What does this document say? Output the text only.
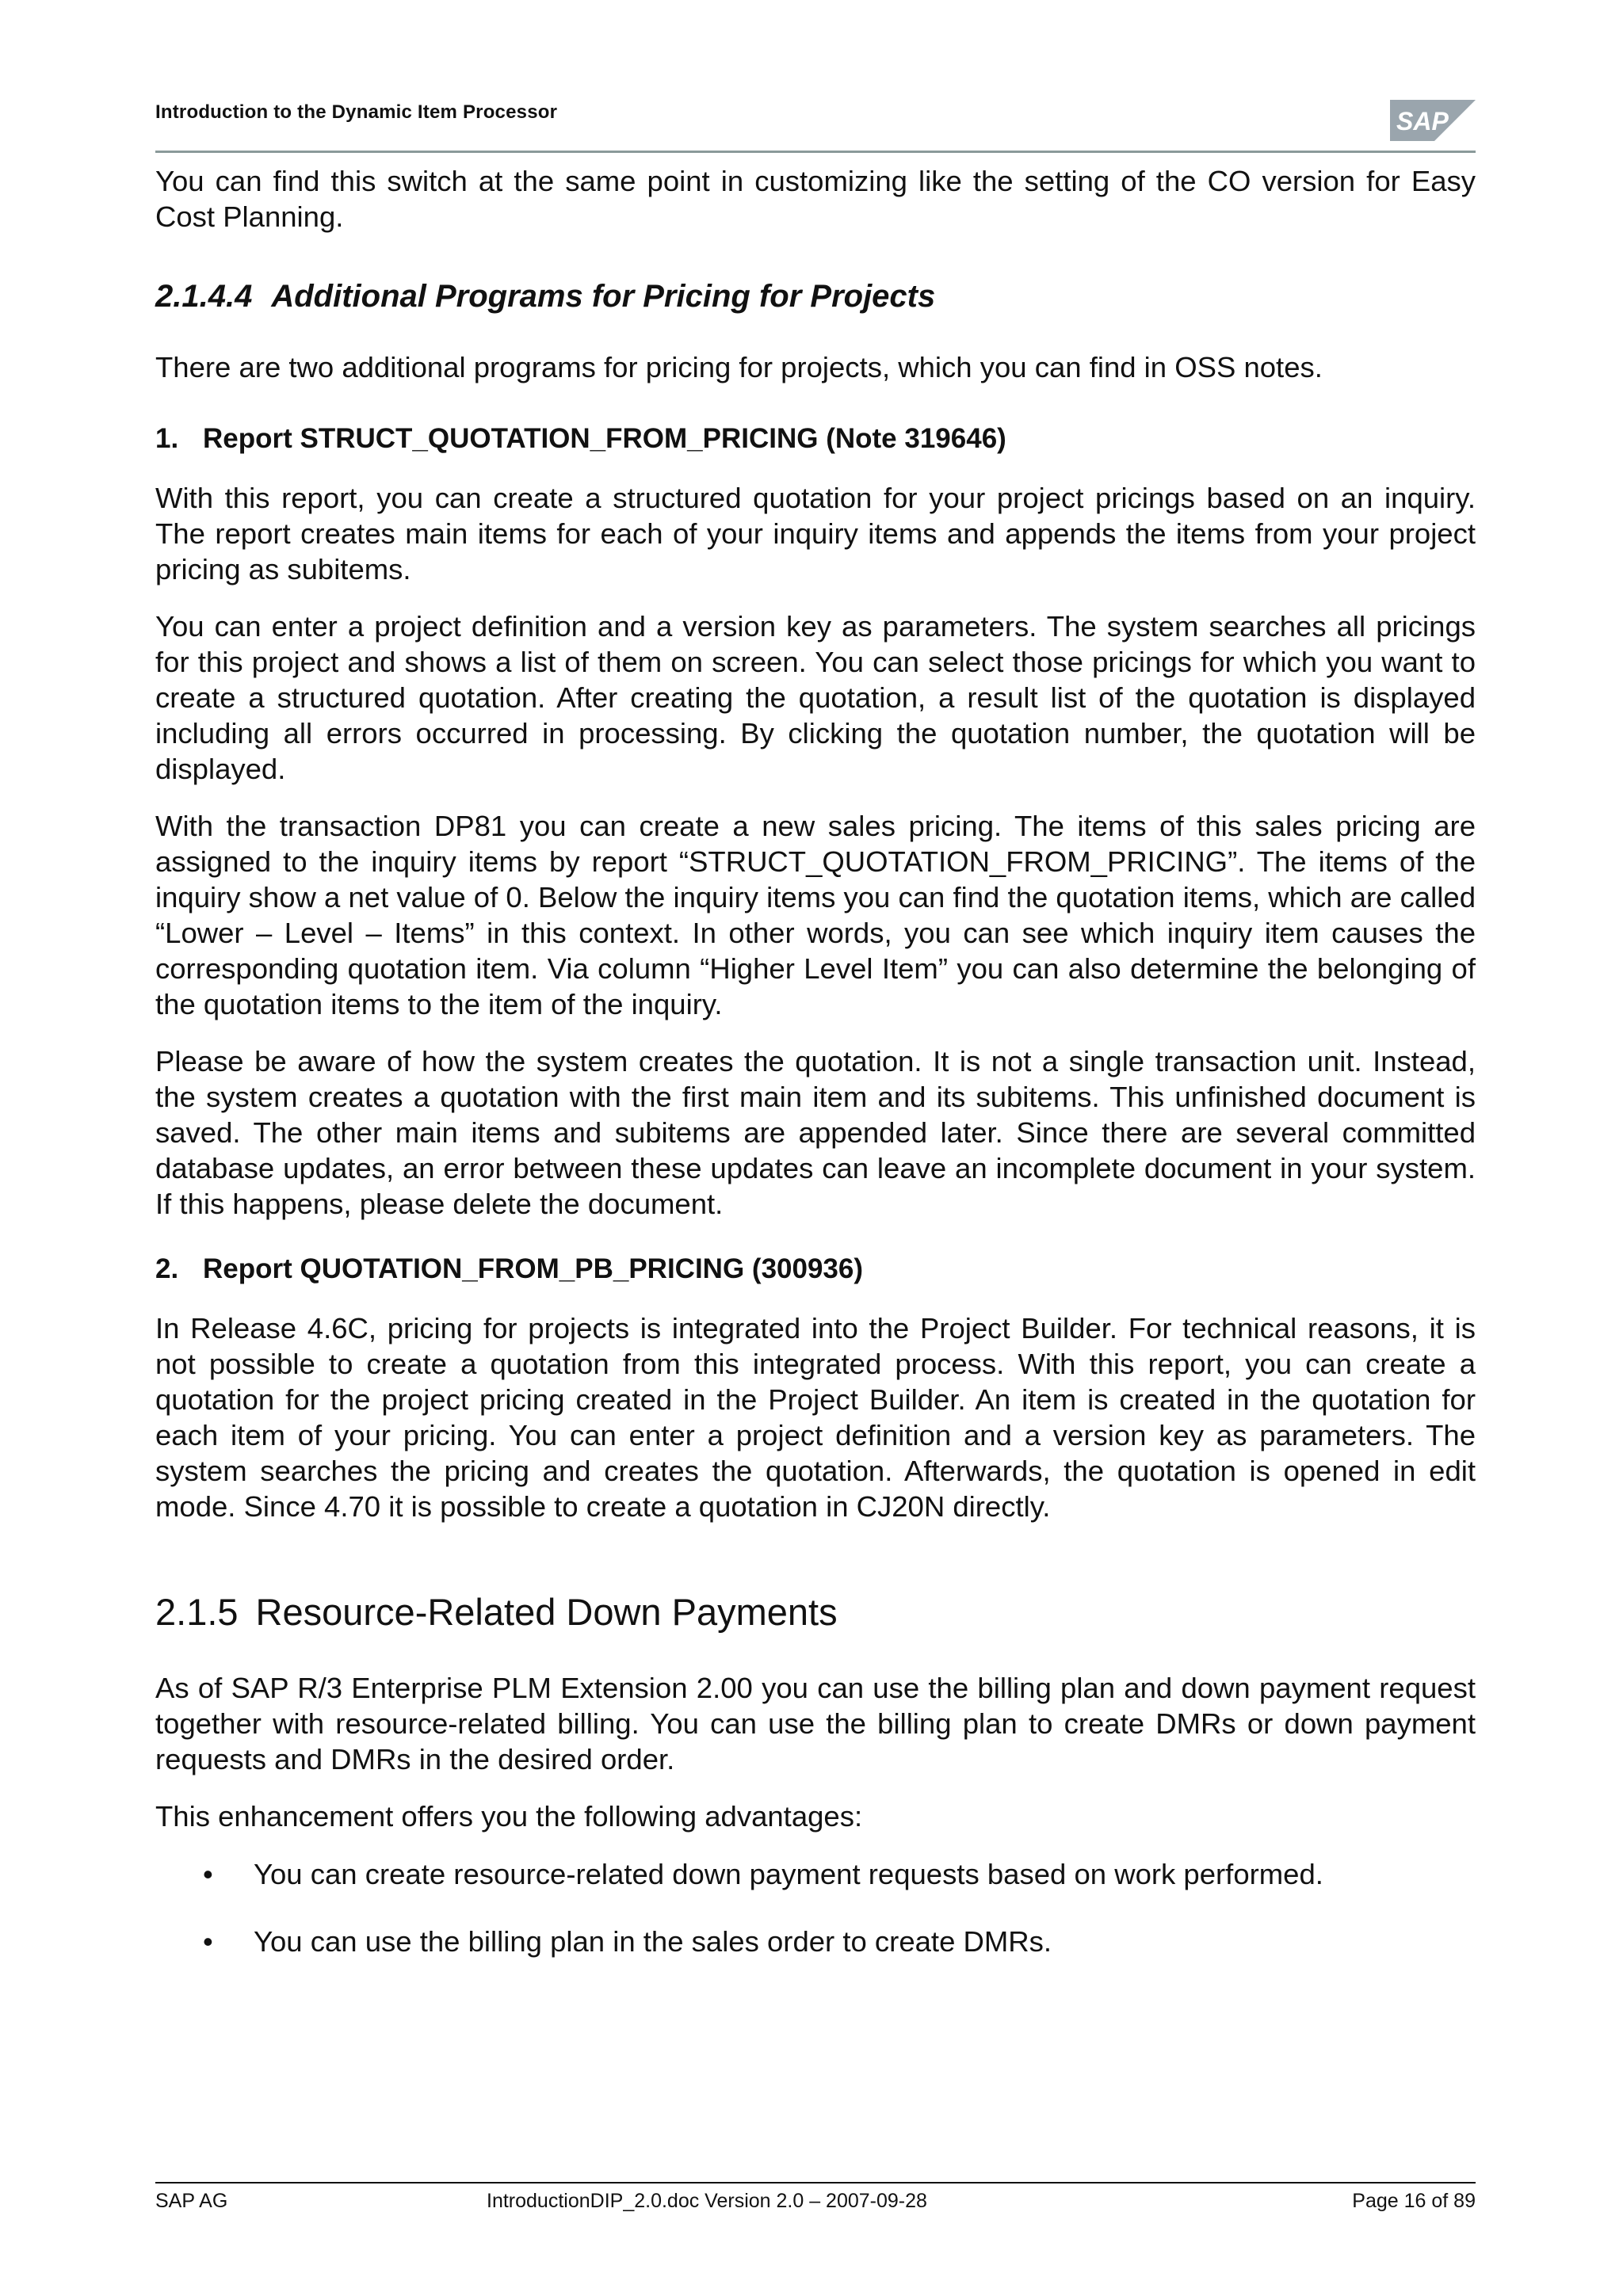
Introduction to the Dynamic Item Processor	SAP

You can find this switch at the same point in customizing like the setting of the CO version for Easy Cost Planning.

2.1.4.4 Additional Programs for Pricing for Projects

There are two additional programs for pricing for projects, which you can find in OSS notes.

1. Report STRUCT_QUOTATION_FROM_PRICING (Note 319646)

With this report, you can create a structured quotation for your project pricings based on an inquiry. The report creates main items for each of your inquiry items and appends the items from your project pricing as subitems.

You can enter a project definition and a version key as parameters. The system searches all pricings for this project and shows a list of them on screen. You can select those pricings for which you want to create a structured quotation. After creating the quotation, a result list of the quotation is displayed including all errors occurred in processing. By clicking the quotation number, the quotation will be displayed.

With the transaction DP81 you can create a new sales pricing. The items of this sales pricing are assigned to the inquiry items by report “STRUCT_QUOTATION_FROM_PRICING”. The items of the inquiry show a net value of 0. Below the inquiry items you can find the quotation items, which are called “Lower – Level – Items” in this context. In other words, you can see which inquiry item causes the corresponding quotation item. Via column “Higher Level Item” you can also determine the belonging of the quotation items to the item of the inquiry.

Please be aware of how the system creates the quotation. It is not a single transaction unit. Instead, the system creates a quotation with the first main item and its subitems. This unfinished document is saved. The other main items and subitems are appended later. Since there are several committed database updates, an error between these updates can leave an incomplete document in your system. If this happens, please delete the document.

2. Report QUOTATION_FROM_PB_PRICING (300936)

In Release 4.6C, pricing for projects is integrated into the Project Builder. For technical reasons, it is not possible to create a quotation from this integrated process. With this report, you can create a quotation for the project pricing created in the Project Builder. An item is created in the quotation for each item of your pricing. You can enter a project definition and a version key as parameters. The system searches the pricing and creates the quotation. Afterwards, the quotation is opened in edit mode. Since 4.70 it is possible to create a quotation in CJ20N directly.

2.1.5 Resource-Related Down Payments

As of SAP R/3 Enterprise PLM Extension 2.00 you can use the billing plan and down payment request together with resource-related billing. You can use the billing plan to create DMRs or down payment requests and DMRs in the desired order.

This enhancement offers you the following advantages:

• You can create resource-related down payment requests based on work performed.
• You can use the billing plan in the sales order to create DMRs.
SAP AG	IntroductionDIP_2.0.doc Version 2.0 – 2007-09-28	Page 16 of 89
